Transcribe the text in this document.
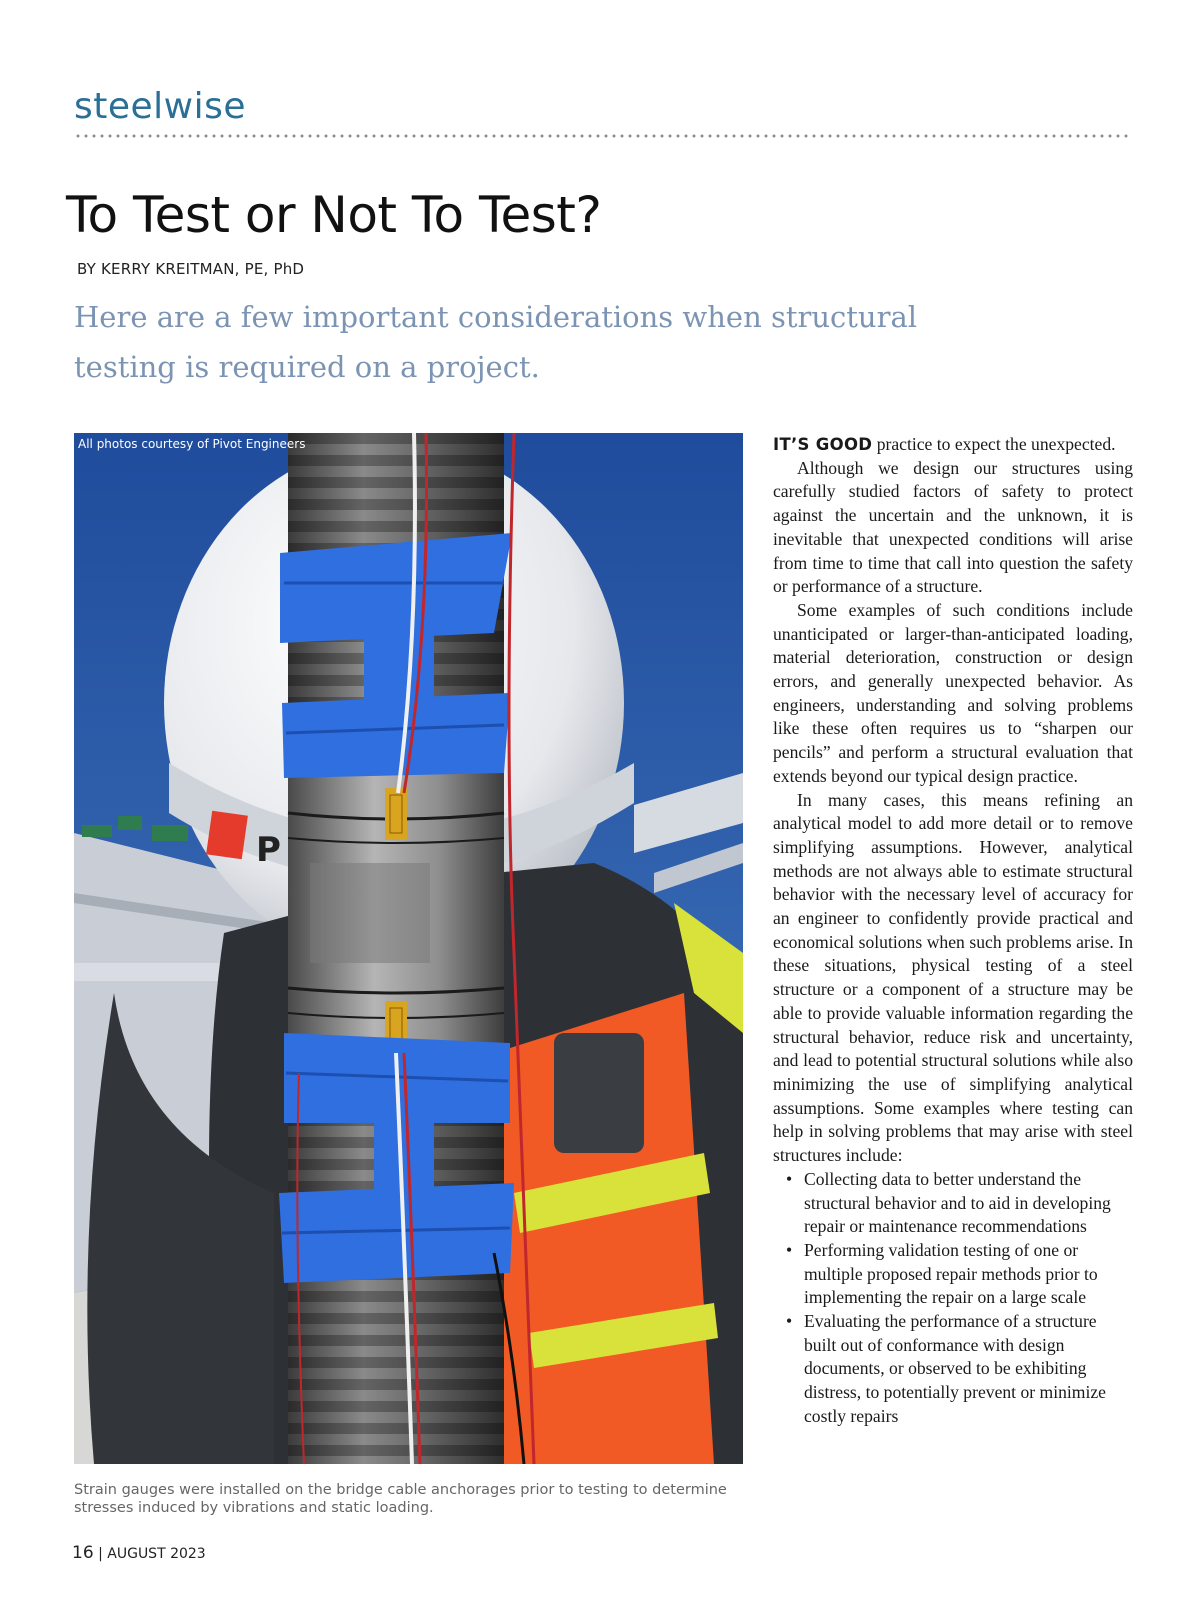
steelwise
To Test or Not To Test?
BY KERRY KREITMAN, PE, PhD
Here are a few important considerations when structural testing is required on a project.
P
All photos courtesy of Pivot Engineers
Strain gauges were installed on the bridge cable anchorages prior to testing to determine stresses induced by vibrations and static loading.
16 | AUGUST 2023

IT’S GOOD practice to expect the unexpected.

Although we design our structures using carefully studied factors of safety to protect against the uncertain and the unknown, it is inevitable that unexpected conditions will arise from time to time that call into question the safety or performance of a structure.

Some examples of such conditions include unanticipated or larger-than-anticipated loading, material deterioration, construction or design errors, and generally unexpected behavior. As engineers, understanding and solving problems like these often requires us to “sharpen our pencils” and perform a structural evaluation that extends beyond our typical design practice.

In many cases, this means refining an analytical model to add more detail or to remove simplifying assumptions. However, analytical methods are not always able to estimate structural behavior with the necessary level of accuracy for an engineer to confidently provide practical and economical solutions when such problems arise. In these situations, physical testing of a steel structure or a component of a structure may be able to provide valuable information regarding the structural behavior, reduce risk and uncertainty, and lead to potential structural solutions while also minimizing the use of simplifying analytical assumptions. Some examples where testing can help in solving problems that may arise with steel structures include:

• Collecting data to better understand the structural behavior and to aid in developing repair or maintenance recommendations
• Performing validation testing of one or multiple proposed repair methods prior to implementing the repair on a large scale
• Evaluating the performance of a structure built out of conformance with design documents, or observed to be exhibiting distress, to potentially prevent or minimize costly repairs
